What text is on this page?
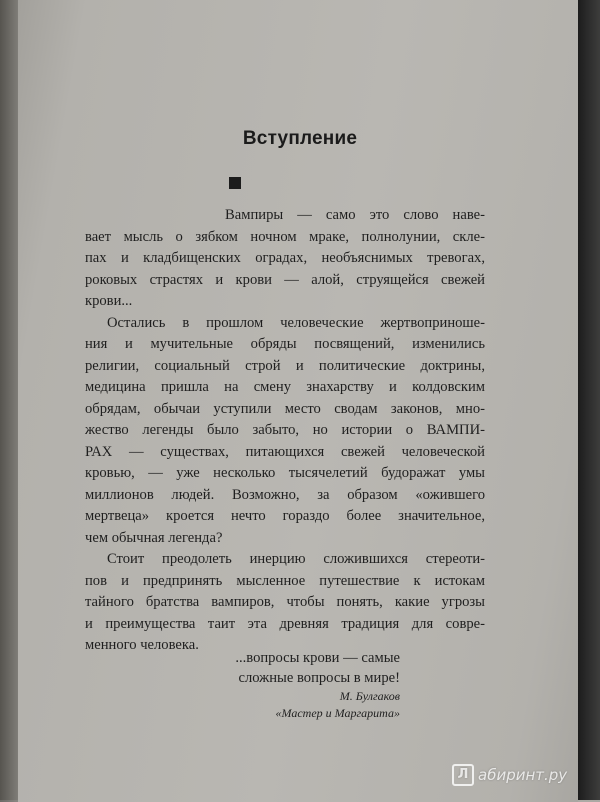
Вступление
Вампиры — само это слово наве-
вает мысль о зябком ночном мраке, полнолунии, скле-
пах и кладбищенских оградах, необъяснимых тревогах,
роковых страстях и крови — алой, струящейся свежей
крови...
Остались в прошлом человеческие жертвоприноше-
ния и мучительные обряды посвящений, изменились
религии, социальный строй и политические доктрины,
медицина пришла на смену знахарству и колдовским
обрядам, обычаи уступили место сводам законов, мно-
жество легенды было забыто, но истории о ВАМПИ-
РАХ — существах, питающихся свежей человеческой
кровью, — уже несколько тысячелетий будоражат умы
миллионов людей. Возможно, за образом «ожившего
мертвеца» кроется нечто гораздо более значительное,
чем обычная легенда?
Стоит преодолеть инерцию сложившихся стереоти-
пов и предпринять мысленное путешествие к истокам
тайного братства вампиров, чтобы понять, какие угрозы
и преимущества таит эта древняя традиция для совре-
менного человека.
...вопросы крови — самые
сложные вопросы в мире!
М. Булгаков
«Мастер и Маргарита»
Л абиринт.ру
